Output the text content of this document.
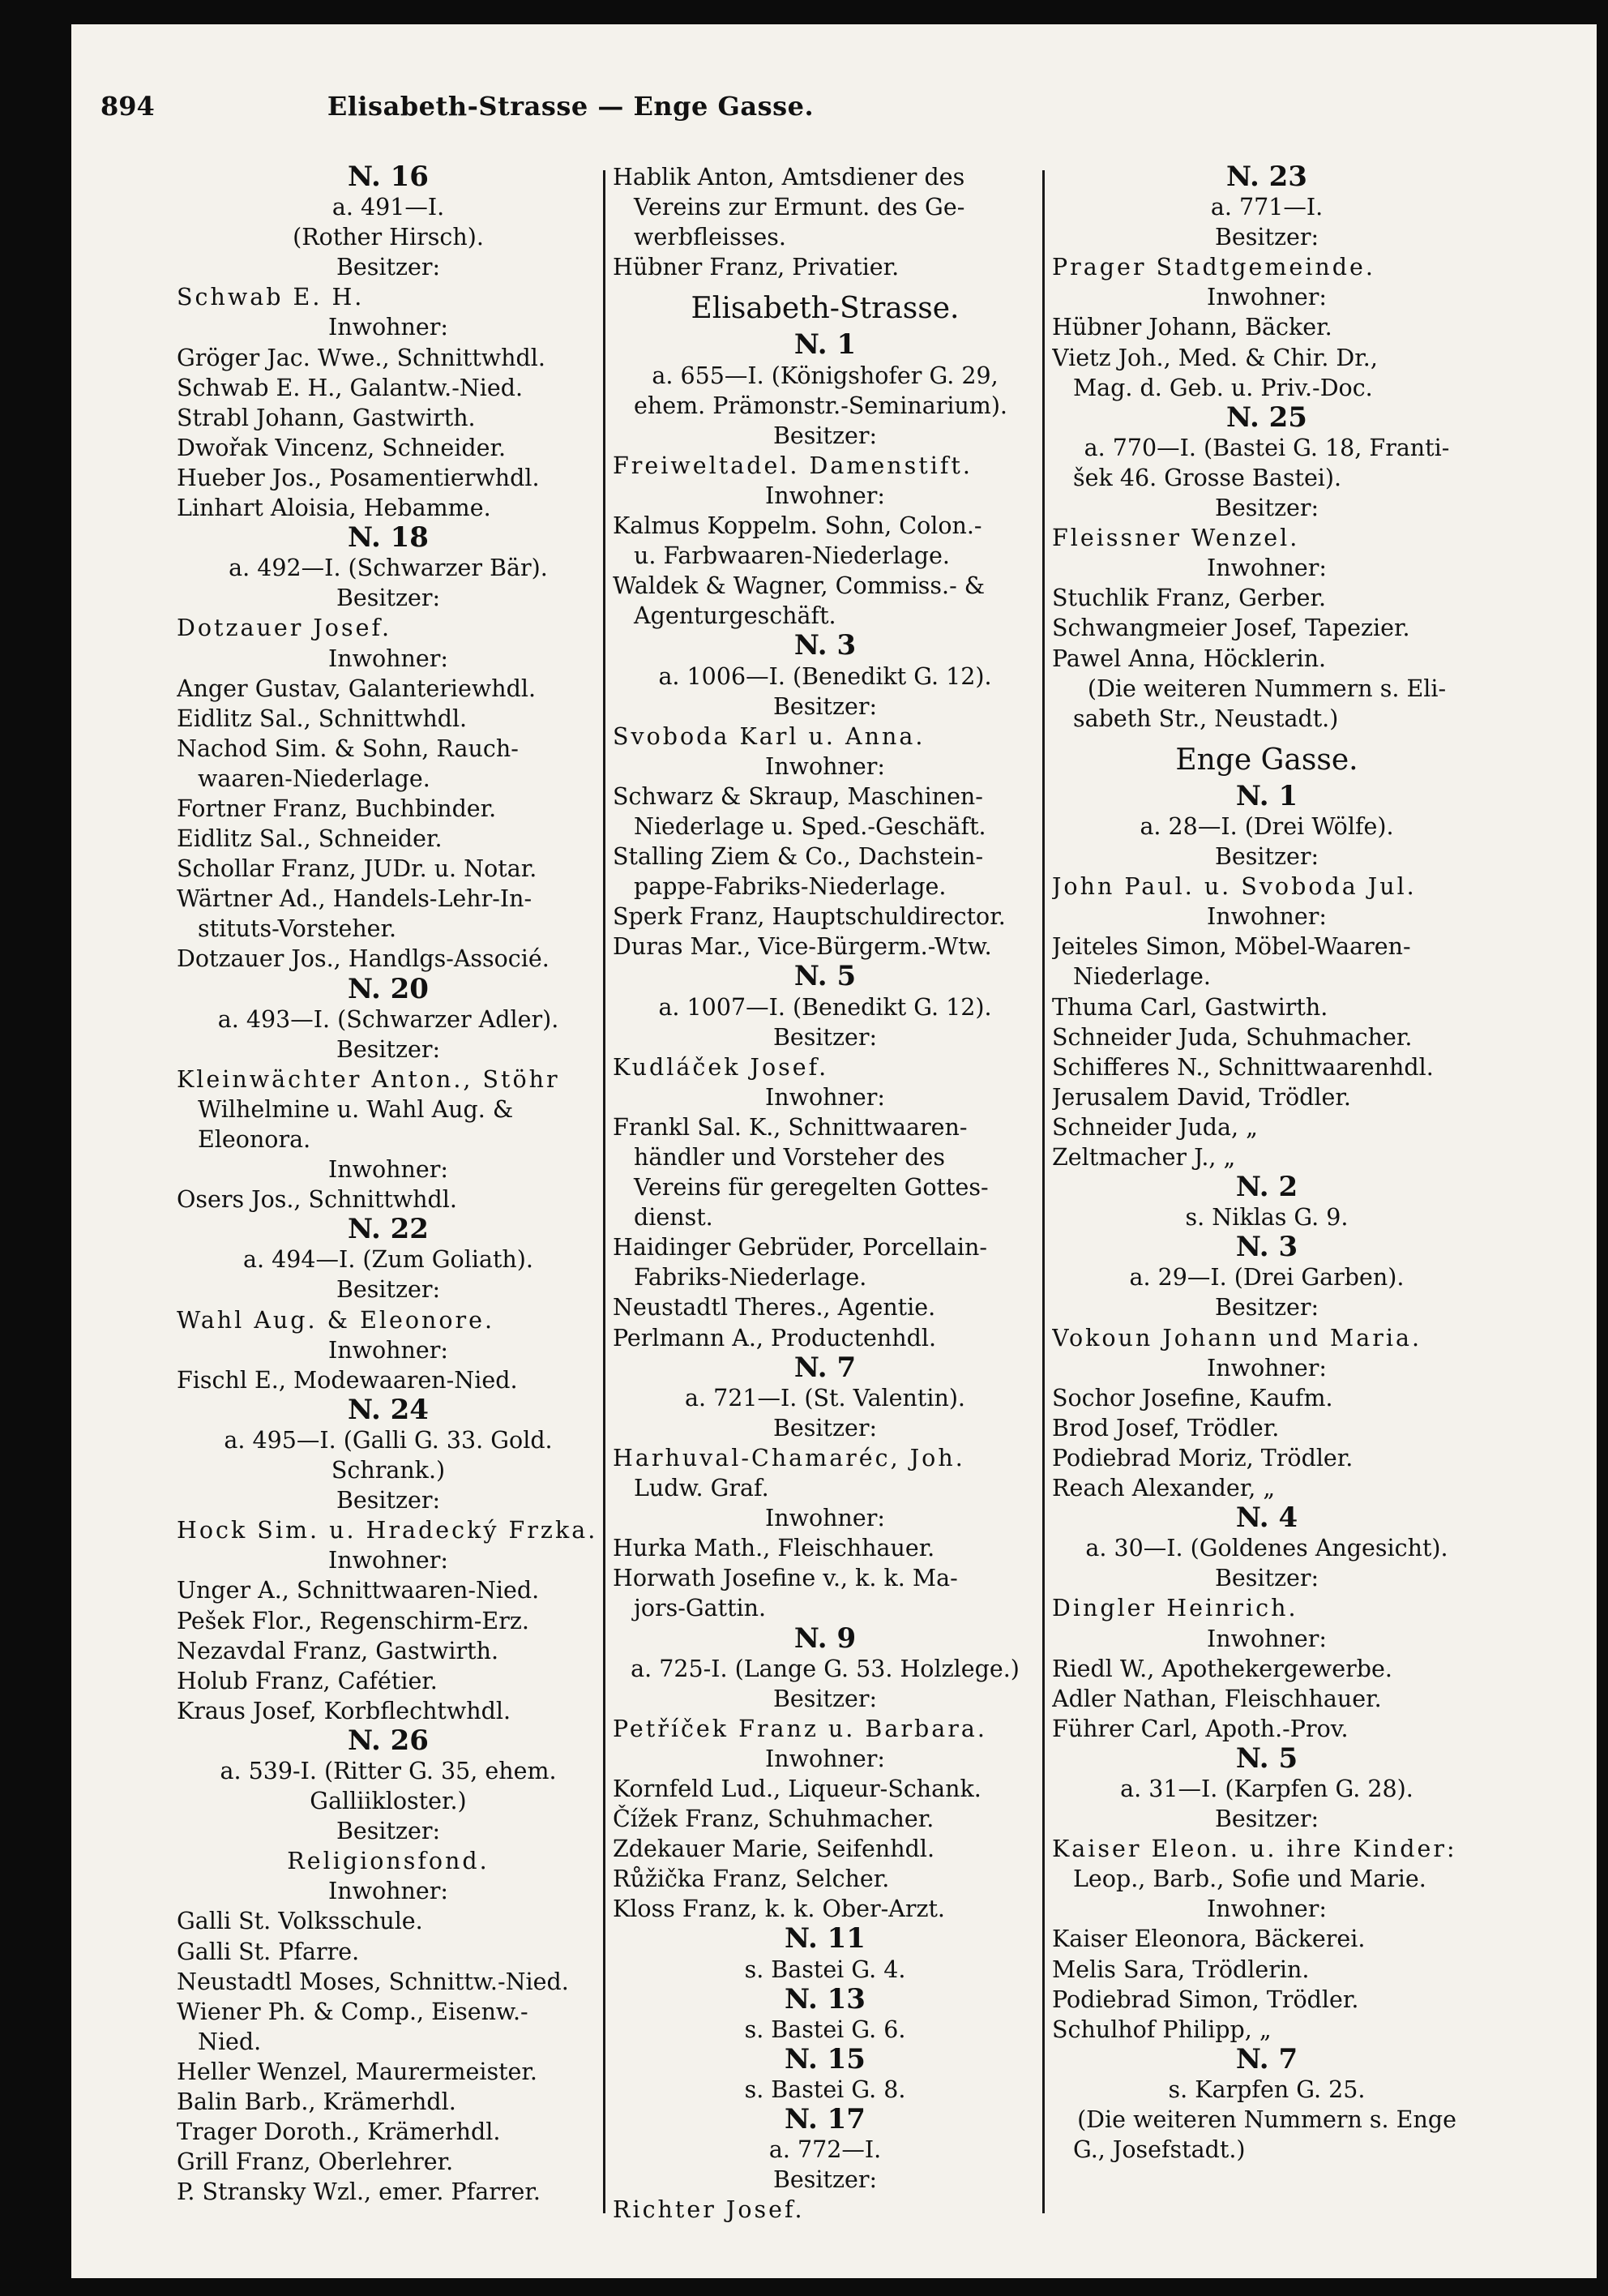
Elisabeth-Strasse — Enge Gasse.
894
N. 16
a. 491—I.
(Rother Hirsch).
Besitzer:
Schwab E. H.
Inwohner:
Gröger Jac. Wwe., Schnittwhdl.
Schwab E. H., Galantw.-Nied.
Strabl Johann, Gastwirth.
Dwořak Vincenz, Schneider.
Hueber Jos., Posamentierwhdl.
Linhart Aloisia, Hebamme.
N. 18
a. 492—I. (Schwarzer Bär).
Besitzer:
Dotzauer Josef.
Inwohner:
Anger Gustav, Galanteriewhdl.
Eidlitz Sal., Schnittwhdl.
Nachod Sim. & Sohn, Rauch-
waaren-Niederlage.
Fortner Franz, Buchbinder.
Eidlitz Sal., Schneider.
Schollar Franz, JUDr. u. Notar.
Wärtner Ad., Handels-Lehr-In-
stituts-Vorsteher.
Dotzauer Jos., Handlgs-Associé.
N. 20
a. 493—I. (Schwarzer Adler).
Besitzer:
Kleinwächter Anton., Stöhr
Wilhelmine u. Wahl Aug. &
Eleonora.
Inwohner:
Osers Jos., Schnittwhdl.
N. 22
a. 494—I. (Zum Goliath).
Besitzer:
Wahl Aug. & Eleonore.
Inwohner:
Fischl E., Modewaaren-Nied.
N. 24
a. 495—I. (Galli G. 33. Gold.
Schrank.)
Besitzer:
Hock Sim. u. Hradecký Frzka.
Inwohner:
Unger A., Schnittwaaren-Nied.
Pešek Flor., Regenschirm-Erz.
Nezavdal Franz, Gastwirth.
Holub Franz, Cafétier.
Kraus Josef, Korbflechtwhdl.
N. 26
a. 539-I. (Ritter G. 35, ehem.
Galliikloster.)
Besitzer:
Religionsfond.
Inwohner:
Galli St. Volksschule.
Galli St. Pfarre.
Neustadtl Moses, Schnittw.-Nied.
Wiener Ph. & Comp., Eisenw.-
Nied.
Heller Wenzel, Maurermeister.
Balin Barb., Krämerhdl.
Trager Doroth., Krämerhdl.
Grill Franz, Oberlehrer.
P. Stransky Wzl., emer. Pfarrer.
Hablik Anton, Amtsdiener des
Vereins zur Ermunt. des Ge-
werbfleisses.
Hübner Franz, Privatier.
Elisabeth-Strasse.
N. 1
a. 655—I. (Königshofer G. 29,
ehem. Prämonstr.-Seminarium).
Besitzer:
Freiweltadel. Damenstift.
Inwohner:
Kalmus Koppelm. Sohn, Colon.-
u. Farbwaaren-Niederlage.
Waldek & Wagner, Commiss.- &
Agenturgeschäft.
N. 3
a. 1006—I. (Benedikt G. 12).
Besitzer:
Svoboda Karl u. Anna.
Inwohner:
Schwarz & Skraup, Maschinen-
Niederlage u. Sped.-Geschäft.
Stalling Ziem & Co., Dachstein-
pappe-Fabriks-Niederlage.
Sperk Franz, Hauptschuldirector.
Duras Mar., Vice-Bürgerm.-Wtw.
N. 5
a. 1007—I. (Benedikt G. 12).
Besitzer:
Kudláček Josef.
Inwohner:
Frankl Sal. K., Schnittwaaren-
händler und Vorsteher des
Vereins für geregelten Gottes-
dienst.
Haidinger Gebrüder, Porcellain-
Fabriks-Niederlage.
Neustadtl Theres., Agentie.
Perlmann A., Productenhdl.
N. 7
a. 721—I. (St. Valentin).
Besitzer:
Harhuval-Chamaréc, Joh.
Ludw. Graf.
Inwohner:
Hurka Math., Fleischhauer.
Horwath Josefine v., k. k. Ma-
jors-Gattin.
N. 9
a. 725-I. (Lange G. 53. Holzlege.)
Besitzer:
Petříček Franz u. Barbara.
Inwohner:
Kornfeld Lud., Liqueur-Schank.
Čížek Franz, Schuhmacher.
Zdekauer Marie, Seifenhdl.
Růžička Franz, Selcher.
Kloss Franz, k. k. Ober-Arzt.
N. 11
s. Bastei G. 4.
N. 13
s. Bastei G. 6.
N. 15
s. Bastei G. 8.
N. 17
a. 772—I.
Besitzer:
Richter Josef.
N. 23
a. 771—I.
Besitzer:
Prager Stadtgemeinde.
Inwohner:
Hübner Johann, Bäcker.
Vietz Joh., Med. & Chir. Dr.,
Mag. d. Geb. u. Priv.-Doc.
N. 25
a. 770—I. (Bastei G. 18, Franti-
šek 46. Grosse Bastei).
Besitzer:
Fleissner Wenzel.
Inwohner:
Stuchlik Franz, Gerber.
Schwangmeier Josef, Tapezier.
Pawel Anna, Höcklerin.
(Die weiteren Nummern s. Eli-
sabeth Str., Neustadt.)
Enge Gasse.
N. 1
a. 28—I. (Drei Wölfe).
Besitzer:
John Paul. u. Svoboda Jul.
Inwohner:
Jeiteles Simon, Möbel-Waaren-
Niederlage.
Thuma Carl, Gastwirth.
Schneider Juda, Schuhmacher.
Schifferes N., Schnittwaarenhdl.
Jerusalem David, Trödler.
Schneider Juda, „
Zeltmacher J., „
N. 2
s. Niklas G. 9.
N. 3
a. 29—I. (Drei Garben).
Besitzer:
Vokoun Johann und Maria.
Inwohner:
Sochor Josefine, Kaufm.
Brod Josef, Trödler.
Podiebrad Moriz, Trödler.
Reach Alexander, „
N. 4
a. 30—I. (Goldenes Angesicht).
Besitzer:
Dingler Heinrich.
Inwohner:
Riedl W., Apothekergewerbe.
Adler Nathan, Fleischhauer.
Führer Carl, Apoth.-Prov.
N. 5
a. 31—I. (Karpfen G. 28).
Besitzer:
Kaiser Eleon. u. ihre Kinder:
Leop., Barb., Sofie und Marie.
Inwohner:
Kaiser Eleonora, Bäckerei.
Melis Sara, Trödlerin.
Podiebrad Simon, Trödler.
Schulhof Philipp, „
N. 7
s. Karpfen G. 25.
(Die weiteren Nummern s. Enge
G., Josefstadt.)
